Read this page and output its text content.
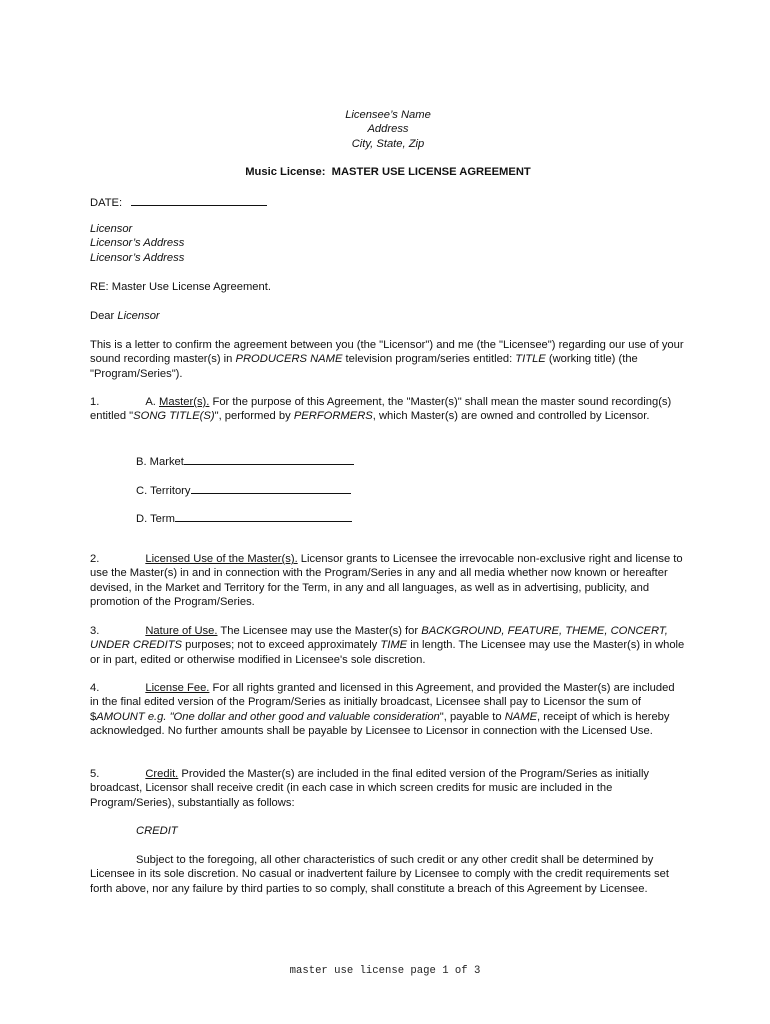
Licensee’s Name
Address
City, State, Zip
Music License: MASTER USE LICENSE AGREEMENT
DATE:
Licensor
Licensor’s Address
Licensor’s Address
RE: Master Use License Agreement.
Dear Licensor
This is a letter to confirm the agreement between you (the "Licensor") and me (the "Licensee") regarding our use of your sound recording master(s) in PRODUCERS NAME television program/series entitled: TITLE (working title) (the "Program/Series").
1.	A. Master(s). For the purpose of this Agreement, the "Master(s)" shall mean the master sound recording(s) entitled "SONG TITLE(S)", performed by PERFORMERS, which Master(s) are owned and controlled by Licensor.
B. Market
C. Territory
D. Term
2.	Licensed Use of the Master(s). Licensor grants to Licensee the irrevocable non-exclusive right and license to use the Master(s) in and in connection with the Program/Series in any and all media whether now known or hereafter devised, in the Market and Territory for the Term, in any and all languages, as well as in advertising, publicity, and promotion of the Program/Series.
3.	Nature of Use. The Licensee may use the Master(s) for BACKGROUND, FEATURE, THEME, CONCERT, UNDER CREDITS purposes; not to exceed approximately TIME in length. The Licensee may use the Master(s) in whole or in part, edited or otherwise modified in Licensee's sole discretion.
4.	License Fee. For all rights granted and licensed in this Agreement, and provided the Master(s) are included in the final edited version of the Program/Series as initially broadcast, Licensee shall pay to Licensor the sum of $AMOUNT e.g. "One dollar and other good and valuable consideration", payable to NAME, receipt of which is hereby acknowledged. No further amounts shall be payable by Licensee to Licensor in connection with the Licensed Use.
5.	Credit. Provided the Master(s) are included in the final edited version of the Program/Series as initially broadcast, Licensor shall receive credit (in each case in which screen credits for music are included in the Program/Series), substantially as follows:
CREDIT
Subject to the foregoing, all other characteristics of such credit or any other credit shall be determined by Licensee in its sole discretion. No casual or inadvertent failure by Licensee to comply with the credit requirements set forth above, nor any failure by third parties to so comply, shall constitute a breach of this Agreement by Licensee.
master use license page 1 of 3
